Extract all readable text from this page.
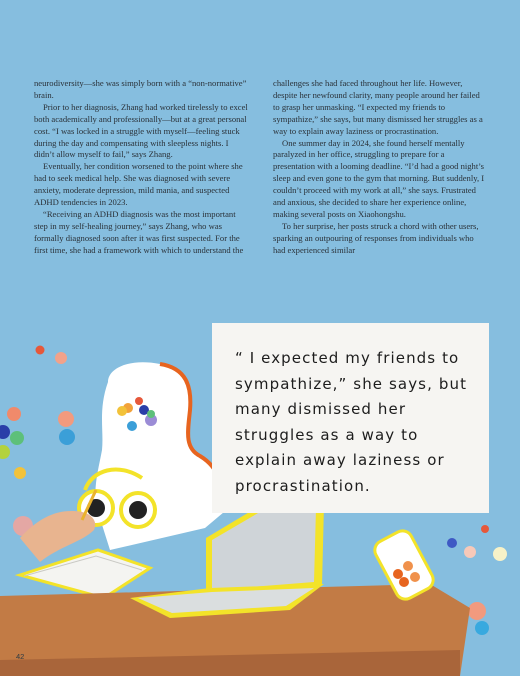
neurodiversity—she was simply born with a “non-normative” brain.

Prior to her diagnosis, Zhang had worked tirelessly to excel both academically and professionally—but at a great personal cost. “I was locked in a struggle with myself—feeling stuck during the day and compensating with sleepless nights. I didn’t allow myself to fail,” says Zhang.

Eventually, her condition worsened to the point where she had to seek medical help. She was diagnosed with severe anxiety, moderate depression, mild mania, and suspected ADHD tendencies in 2023.

“Receiving an ADHD diagnosis was the most important step in my self-healing journey,” says Zhang, who was formally diagnosed soon after it was first suspected. For the first time, she had a framework with which to understand the

challenges she had faced throughout her life. However, despite her newfound clarity, many people around her failed to grasp her unmasking. “I expected my friends to sympathize,” she says, but many dismissed her struggles as a way to explain away laziness or procrastination.

One summer day in 2024, she found herself mentally paralyzed in her office, struggling to prepare for a presentation with a looming deadline. “I’d had a good night’s sleep and even gone to the gym that morning. But suddenly, I couldn’t proceed with my work at all,” she says. Frustrated and anxious, she decided to share her experience online, making several posts on Xiaohongshu.

To her surprise, her posts struck a chord with other users, sparking an outpouring of responses from individuals who had experienced similar

“ I expected my friends to sympathize,” she says, but many dismissed her struggles as a way to explain away laziness or procrastination.
42
